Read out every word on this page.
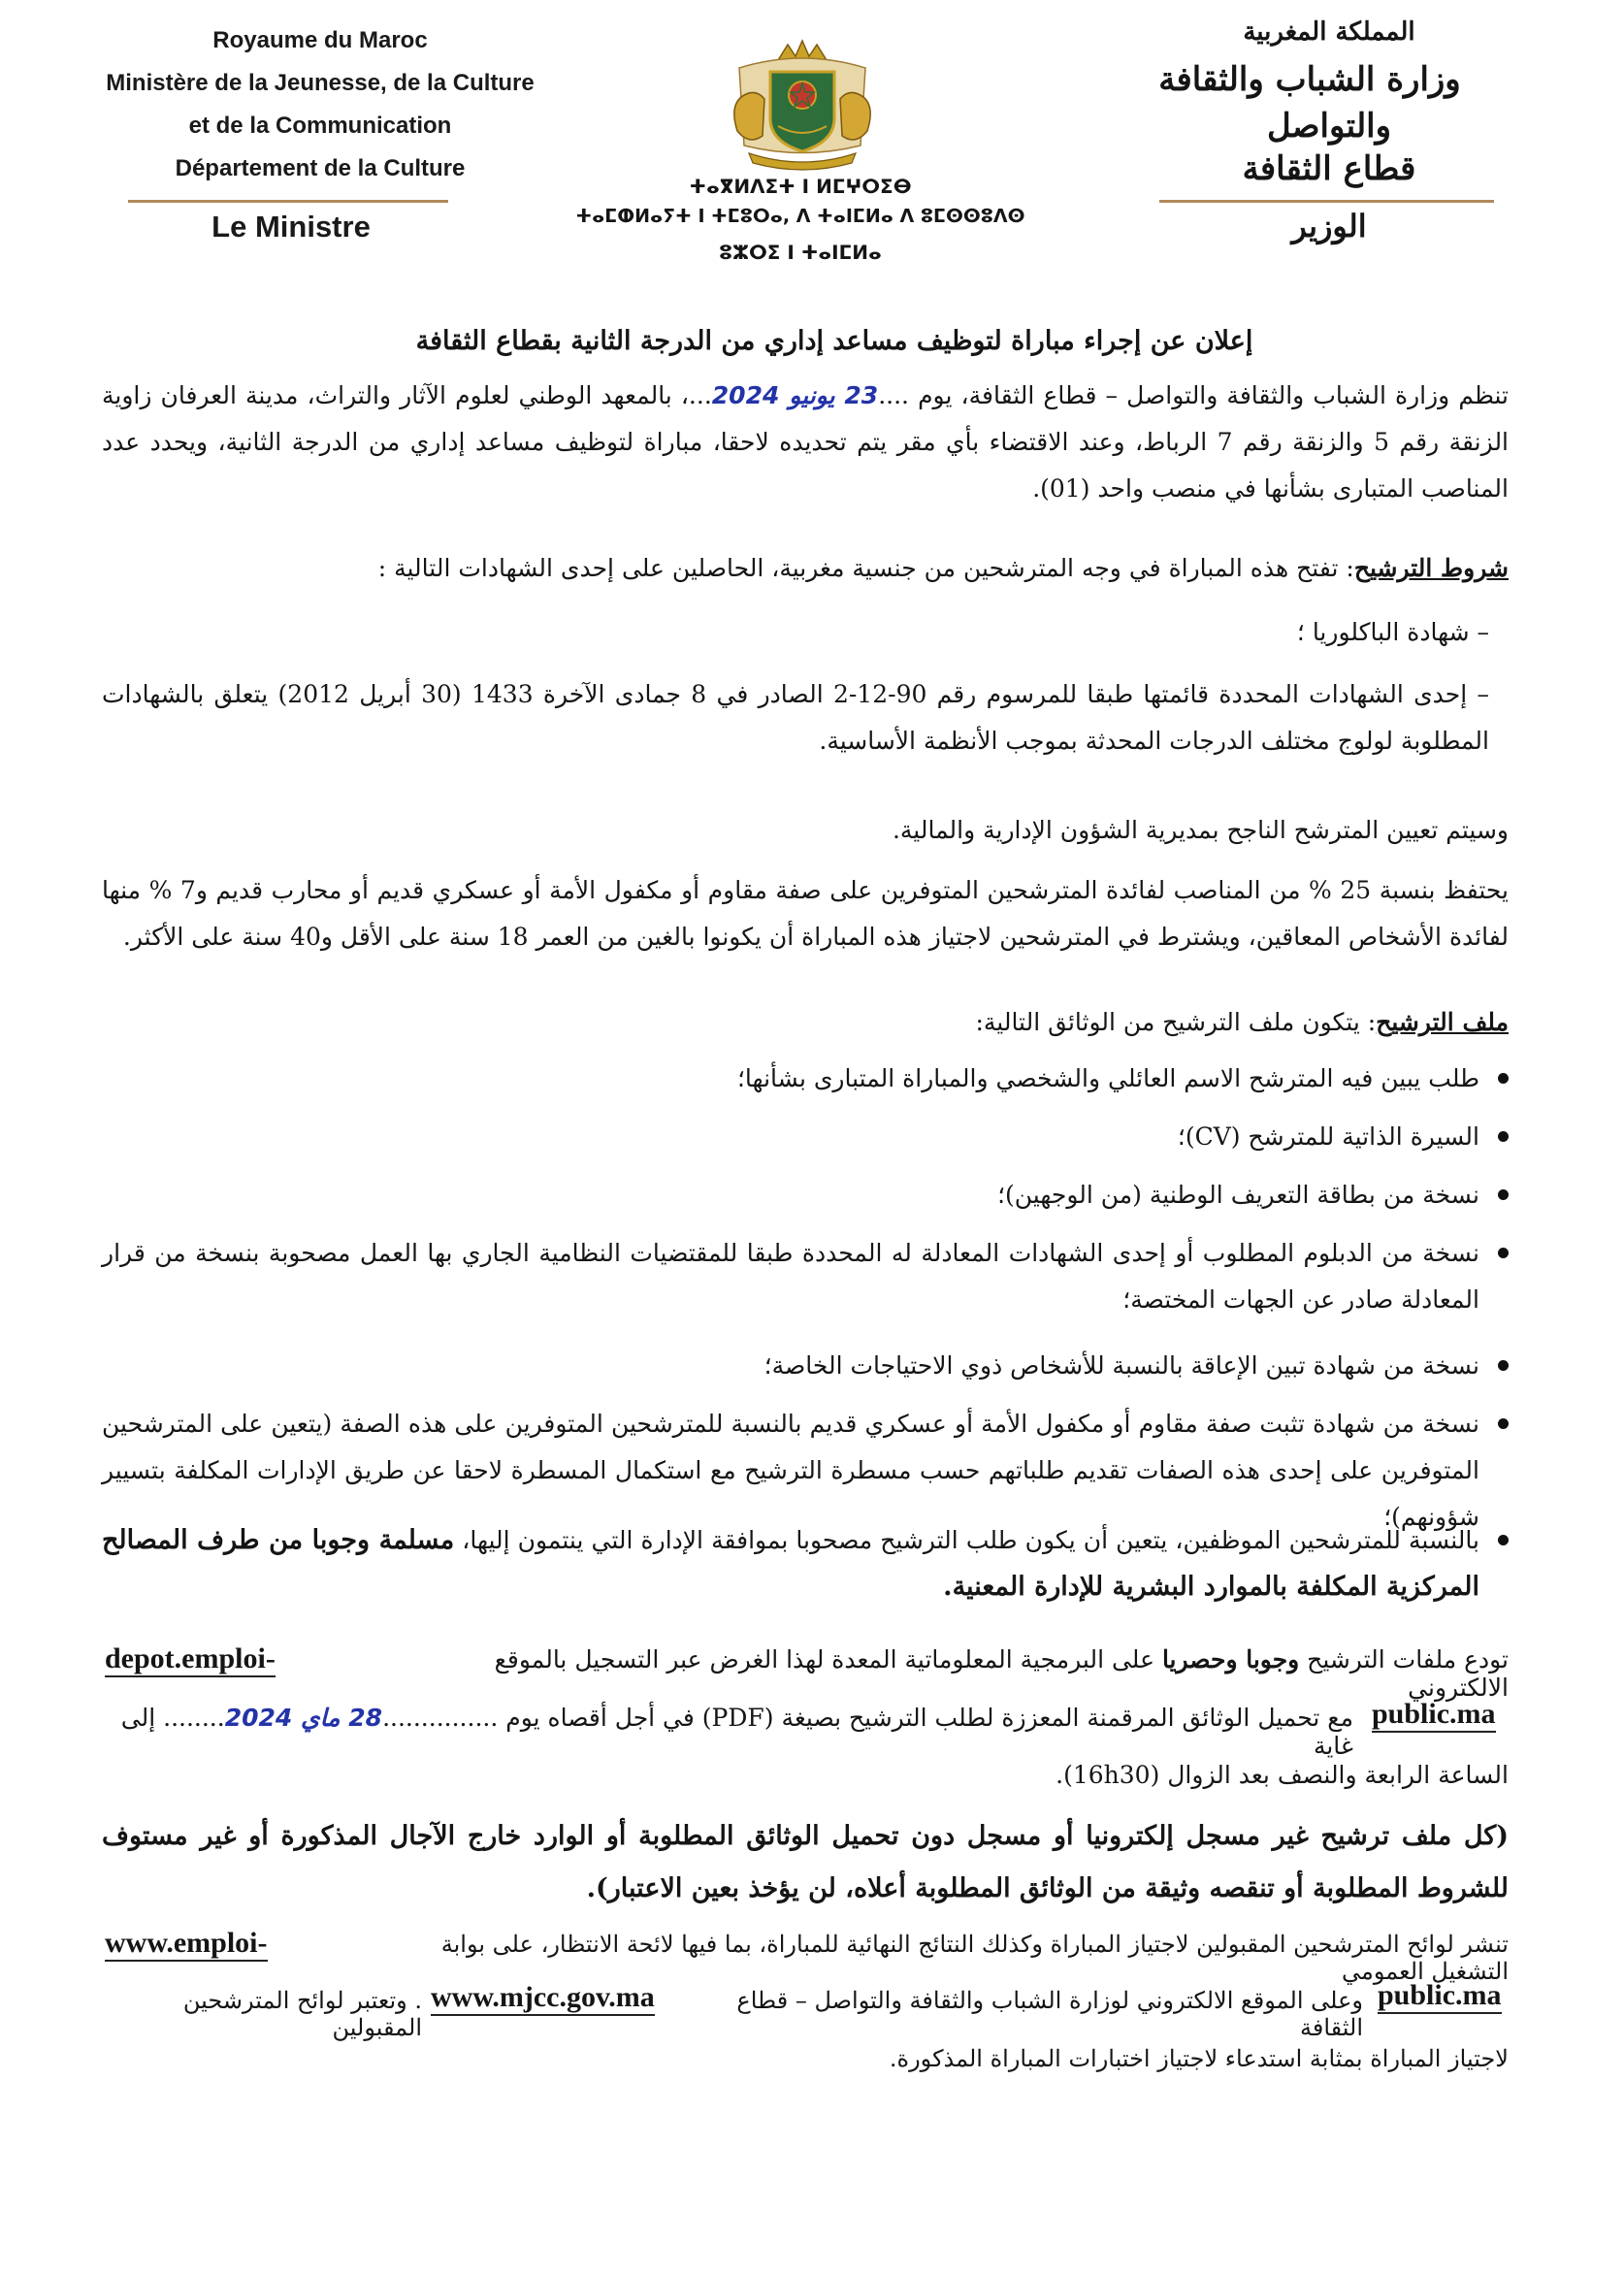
Royaume du Maroc
Ministère de la Jeunesse, de la Culture
et de la Communication
Département de la Culture
Le Ministre
ⵜⴰⴳⵍⴷⵉⵜ ⵏ ⵍⵎⵖⵔⵉⴱ
ⵜⴰⵎⵀⵍⴰⵢⵜ ⵏ ⵜⵎⵓⵔⴰ, ⴷ ⵜⴰⵏⵎⵍⴰ ⴷ ⵓⵎⵙⵙⵓⴷⵙ
ⵓⵣⵔⵉ ⵏ ⵜⴰⵏⵎⵍⴰ
المملكة المغربية
وزارة الشباب والثقافة
والتواصل
قطاع الثقافة
الوزير
إعلان عن إجراء مباراة لتوظيف مساعد إداري من الدرجة الثانية بقطاع الثقافة
تنظم وزارة الشباب والثقافة والتواصل – قطاع الثقافة، يوم ....23 يونيو 2024...، بالمعهد الوطني لعلوم الآثار والتراث، مدينة العرفان زاوية الزنقة رقم 5 والزنقة رقم 7 الرباط، وعند الاقتضاء بأي مقر يتم تحديده لاحقا، مباراة لتوظيف مساعد إداري من الدرجة الثانية، ويحدد عدد المناصب المتبارى بشأنها في منصب واحد (01).
شروط الترشيح: تفتح هذه المباراة في وجه المترشحين من جنسية مغربية، الحاصلين على إحدى الشهادات التالية :
– شهادة الباكلوريا ؛
– إحدى الشهادات المحددة قائمتها طبقا للمرسوم رقم 90-12-2 الصادر في 8 جمادى الآخرة 1433 (30 أبريل 2012) يتعلق بالشهادات المطلوبة لولوج مختلف الدرجات المحدثة بموجب الأنظمة الأساسية.
وسيتم تعيين المترشح الناجح بمديرية الشؤون الإدارية والمالية.
يحتفظ بنسبة 25 % من المناصب لفائدة المترشحين المتوفرين على صفة مقاوم أو مكفول الأمة أو عسكري قديم أو محارب قديم و7 % منها لفائدة الأشخاص المعاقين، ويشترط في المترشحين لاجتياز هذه المباراة أن يكونوا بالغين من العمر 18 سنة على الأقل و40 سنة على الأكثر.
ملف الترشيح: يتكون ملف الترشيح من الوثائق التالية:
طلب يبين فيه المترشح الاسم العائلي والشخصي والمباراة المتبارى بشأنها؛
السيرة الذاتية للمترشح (CV)؛
نسخة من بطاقة التعريف الوطنية (من الوجهين)؛
نسخة من الدبلوم المطلوب أو إحدى الشهادات المعادلة له المحددة طبقا للمقتضيات النظامية الجاري بها العمل مصحوبة بنسخة من قرار المعادلة صادر عن الجهات المختصة؛
نسخة من شهادة تبين الإعاقة بالنسبة للأشخاص ذوي الاحتياجات الخاصة؛
نسخة من شهادة تثبت صفة مقاوم أو مكفول الأمة أو عسكري قديم بالنسبة للمترشحين المتوفرين على هذه الصفة (يتعين على المترشحين المتوفرين على إحدى هذه الصفات تقديم طلباتهم حسب مسطرة الترشيح مع استكمال المسطرة لاحقا عن طريق الإدارات المكلفة بتسيير شؤونهم)؛
بالنسبة للمترشحين الموظفين، يتعين أن يكون طلب الترشيح مصحوبا بموافقة الإدارة التي ينتمون إليها، مسلمة وجوبا من طرف المصالح المركزية المكلفة بالموارد البشرية للإدارة المعنية.
تودع ملفات الترشيح وجوبا وحصريا على البرمجية المعلوماتية المعدة لهذا الغرض عبر التسجيل بالموقع الالكتروني
depot.emploi-
public.ma
مع تحميل الوثائق المرقمنة المعززة لطلب الترشيح بصيغة (PDF) في أجل أقصاه يوم ...............28 ماي 2024........ إلى غاية
الساعة الرابعة والنصف بعد الزوال (16h30).
(كل ملف ترشيح غير مسجل إلكترونيا أو مسجل دون تحميل الوثائق المطلوبة أو الوارد خارج الآجال المذكورة أو غير مستوف للشروط المطلوبة أو تنقصه وثيقة من الوثائق المطلوبة أعلاه، لن يؤخذ بعين الاعتبار).
تنشر لوائح المترشحين المقبولين لاجتياز المباراة وكذلك النتائج النهائية للمباراة، بما فيها لائحة الانتظار، على بوابة التشغيل العمومي
www.emploi-
public.ma
وعلى الموقع الالكتروني لوزارة الشباب والثقافة والتواصل – قطاع الثقافة
www.mjcc.gov.ma
. وتعتبر لوائح المترشحين المقبولين
لاجتياز المباراة بمثابة استدعاء لاجتياز اختبارات المباراة المذكورة.
